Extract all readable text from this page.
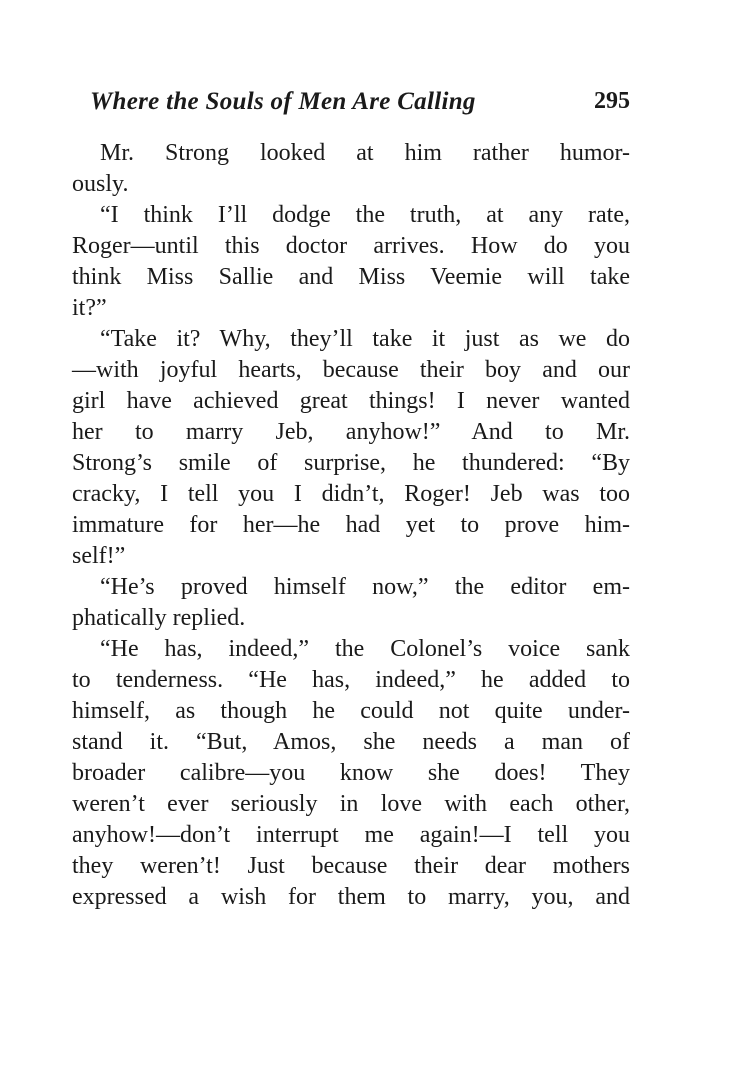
Where the Souls of Men Are Calling	295
Mr. Strong looked at him rather humor-
ously.
“I think I’ll dodge the truth, at any rate,
Roger—until this doctor arrives. How do you
think Miss Sallie and Miss Veemie will take
it?”
“Take it? Why, they’ll take it just as we do
—with joyful hearts, because their boy and our
girl have achieved great things! I never wanted
her to marry Jeb, anyhow!” And to Mr.
Strong’s smile of surprise, he thundered: “By
cracky, I tell you I didn’t, Roger! Jeb was too
immature for her—he had yet to prove him-
self!”
“He’s proved himself now,” the editor em-
phatically replied.
“He has, indeed,” the Colonel’s voice sank
to tenderness. “He has, indeed,” he added to
himself, as though he could not quite under-
stand it. “But, Amos, she needs a man of
broader calibre—you know she does! They
weren’t ever seriously in love with each other,
anyhow!—don’t interrupt me again!—I tell you
they weren’t! Just because their dear mothers
expressed a wish for them to marry, you, and
